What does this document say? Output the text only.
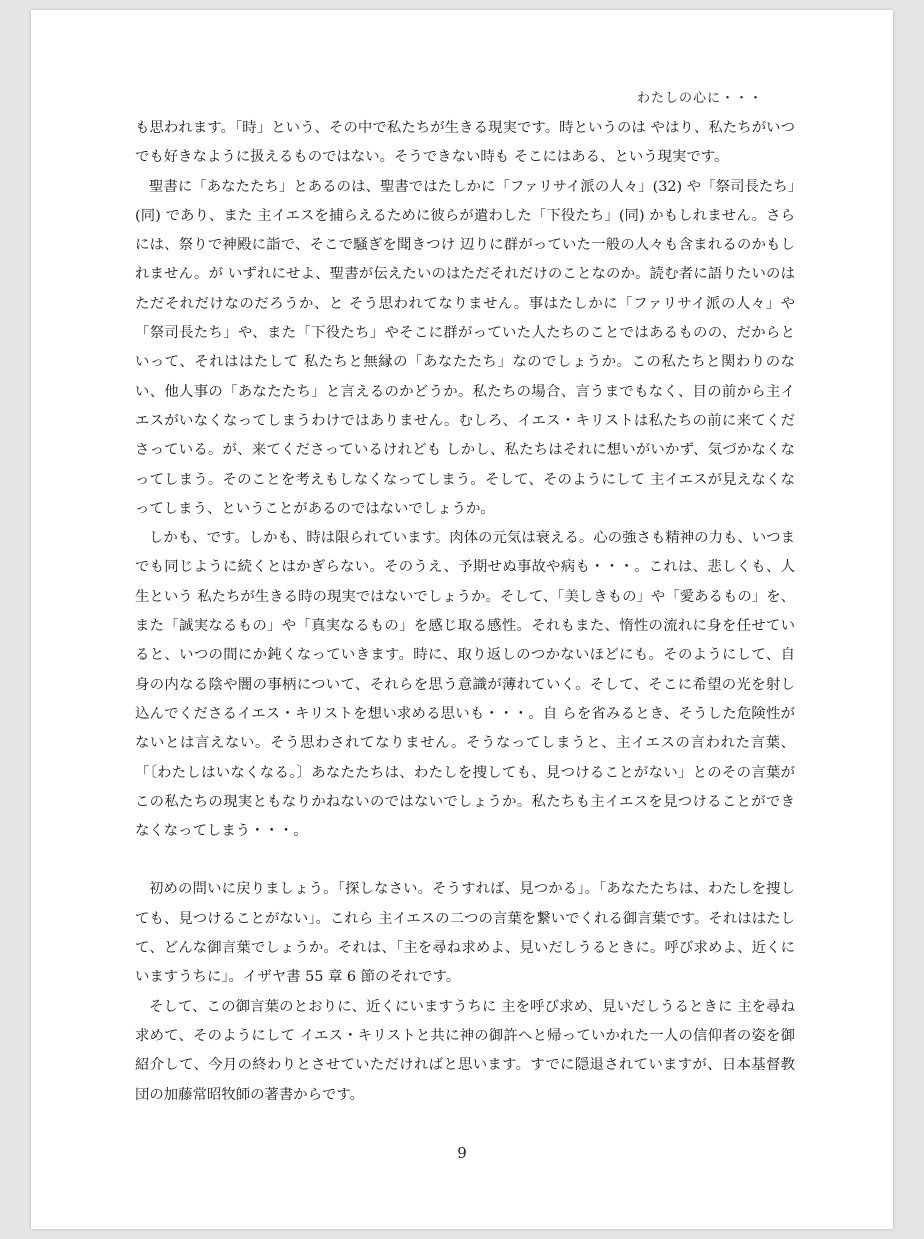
わたしの心に・・・

も思われます。「時」という、その中で私たちが生きる現実です。時というのは やはり、私たちがいつでも好きなように扱えるものではない。そうできない時も そこにはある、という現実です。

聖書に「あなたたち」とあるのは、聖書ではたしかに「ファリサイ派の人々」(32) や「祭司長たち」(同) であり、また 主イエスを捕らえるために彼らが遣わした「下役たち」(同) かもしれません。さらには、祭りで神殿に詣で、そこで騒ぎを聞きつけ 辺りに群がっていた一般の人々も含まれるのかもしれません。が いずれにせよ、聖書が伝えたいのはただそれだけのことなのか。読む者に語りたいのはただそれだけなのだろうか、と そう思われてなりません。事はたしかに「ファリサイ派の人々」や「祭司長たち」や、また「下役たち」やそこに群がっていた人たちのことではあるものの、だからといって、それははたして 私たちと無縁の「あなたたち」なのでしょうか。この私たちと関わりのない、他人事の「あなたたち」と言えるのかどうか。私たちの場合、言うまでもなく、目の前から主イエスがいなくなってしまうわけではありません。むしろ、イエス・キリストは私たちの前に来てくださっている。が、来てくださっているけれども しかし、私たちはそれに想いがいかず、気づかなくなってしまう。そのことを考えもしなくなってしまう。そして、そのようにして 主イエスが見えなくなってしまう、ということがあるのではないでしょうか。

しかも、です。しかも、時は限られています。肉体の元気は衰える。心の強さも精神の力も、いつまでも同じように続くとはかぎらない。そのうえ、予期せぬ事故や病も・・・。これは、悲しくも、人生という 私たちが生きる時の現実ではないでしょうか。そして、「美しきもの」や「愛あるもの」を、また「誠実なるもの」や「真実なるもの」を感じ取る感性。それもまた、惰性の流れに身を任せていると、いつの間にか鈍くなっていきます。時に、取り返しのつかないほどにも。そのようにして、自身の内なる陰や闇の事柄について、それらを思う意識が薄れていく。そして、そこに希望の光を射し込んでくださるイエス・キリストを想い求める思いも・・・。自 らを省みるとき、そうした危険性がないとは言えない。そう思わされてなりません。そうなってしまうと、主イエスの言われた言葉、「〔わたしはいなくなる。〕あなたたちは、わたしを捜しても、見つけることがない」とのその言葉が この私たちの現実ともなりかねないのではないでしょうか。私たちも主イエスを見つけることができなくなってしまう・・・。

初めの問いに戻りましょう。「探しなさい。そうすれば、見つかる」。「あなたたちは、わたしを捜しても、見つけることがない」。これら 主イエスの二つの言葉を繋いでくれる御言葉です。それははたして、どんな御言葉でしょうか。それは、「主を尋ね求めよ、見いだしうるときに。呼び求めよ、近くにいますうちに」。イザヤ書 55 章 6 節のそれです。

そして、この御言葉のとおりに、近くにいますうちに 主を呼び求め、見いだしうるときに 主を尋ね求めて、そのようにして イエス・キリストと共に神の御許へと帰っていかれた一人の信仰者の姿を御紹介して、今月の終わりとさせていただければと思います。すでに隠退されていますが、日本基督教団の加藤常昭牧師の著書からです。

9
